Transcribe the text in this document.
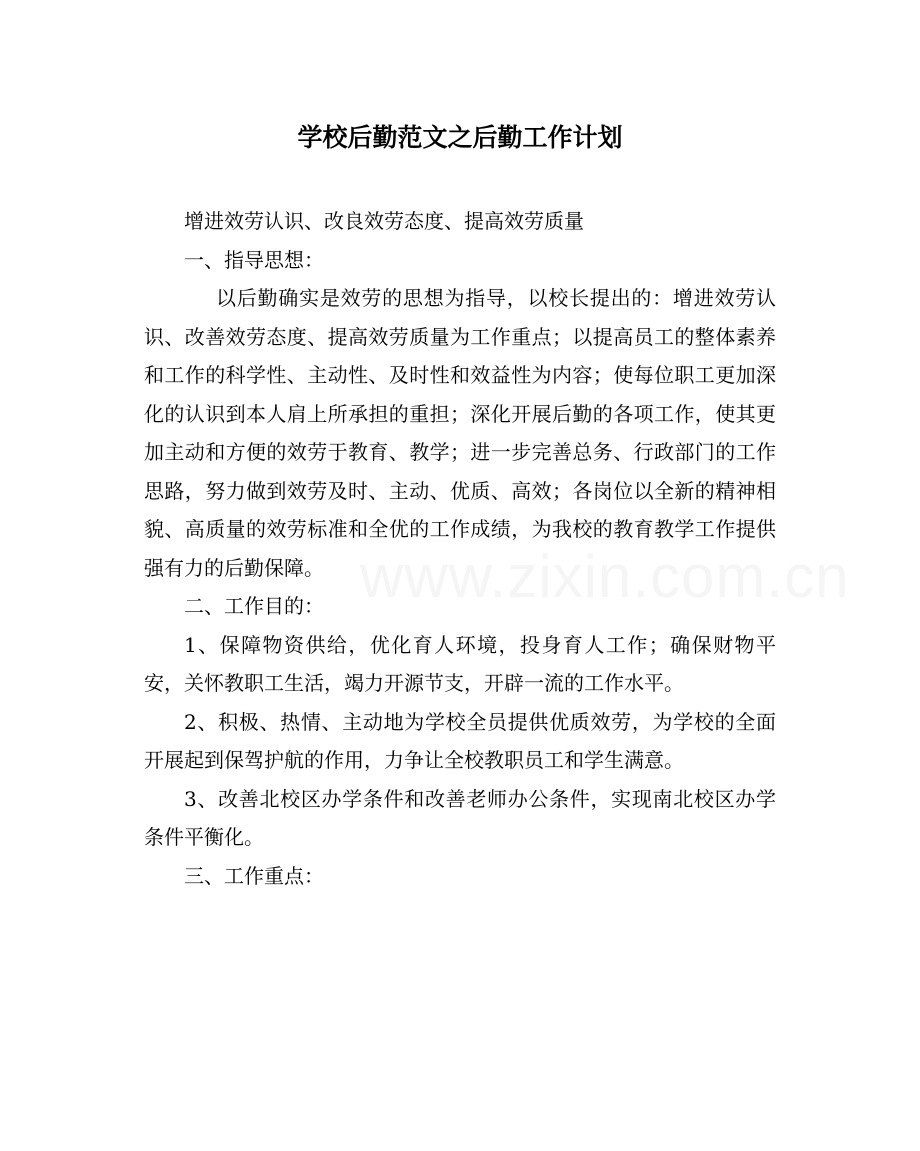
学校后勤范文之后勤工作计划

增进效劳认识、改良效劳态度、提高效劳质量

一、指导思想：

以后勤确实是效劳的思想为指导，以校长提出的：增进效劳认识、改善效劳态度、提高效劳质量为工作重点；以提高员工的整体素养和工作的科学性、主动性、及时性和效益性为内容；使每位职工更加深化的认识到本人肩上所承担的重担；深化开展后勤的各项工作，使其更加主动和方便的效劳于教育、教学；进一步完善总务、行政部门的工作思路，努力做到效劳及时、主动、优质、高效；各岗位以全新的精神相貌、高质量的效劳标准和全优的工作成绩，为我校的教育教学工作提供强有力的后勤保障。

二、工作目的：

1、保障物资供给，优化育人环境，投身育人工作；确保财物平安，关怀教职工生活，竭力开源节支，开辟一流的工作水平。

2、积极、热情、主动地为学校全员提供优质效劳，为学校的全面开展起到保驾护航的作用，力争让全校教职员工和学生满意。

3、改善北校区办学条件和改善老师办公条件，实现南北校区办学条件平衡化。

三、工作重点：

www.zixin.com.cn
